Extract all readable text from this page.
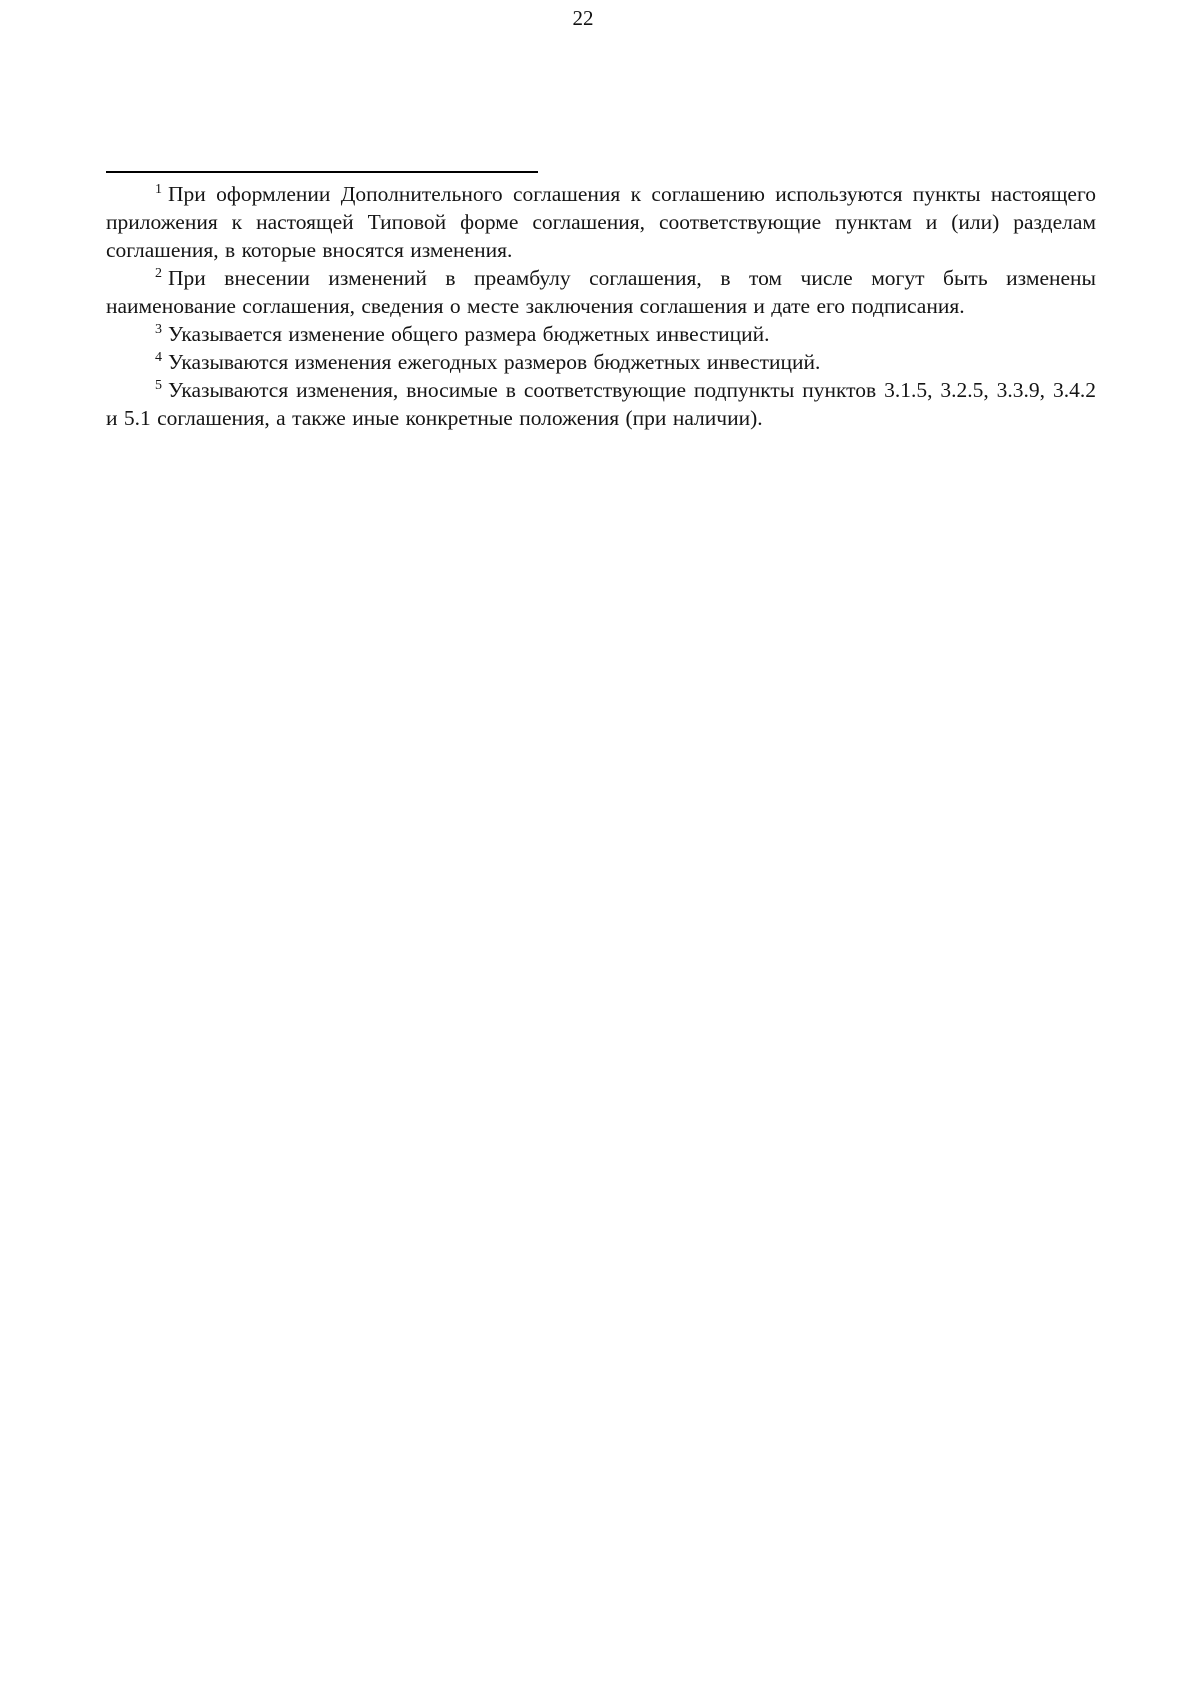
22

$^1$ При оформлении Дополнительного соглашения к соглашению используются пункты настоящего приложения к настоящей Типовой форме соглашения, соответствующие пунктам и (или) разделам соглашения, в которые вносятся изменения.

$^2$ При внесении изменений в преамбулу соглашения, в том числе могут быть изменены наименование соглашения, сведения о месте заключения соглашения и дате его подписания.

$^3$ Указывается изменение общего размера бюджетных инвестиций.

$^4$ Указываются изменения ежегодных размеров бюджетных инвестиций.

$^5$ Указываются изменения, вносимые в соответствующие подпункты пунктов 3.1.5, 3.2.5, 3.3.9, 3.4.2 и 5.1 соглашения, а также иные конкретные положения (при наличии).
